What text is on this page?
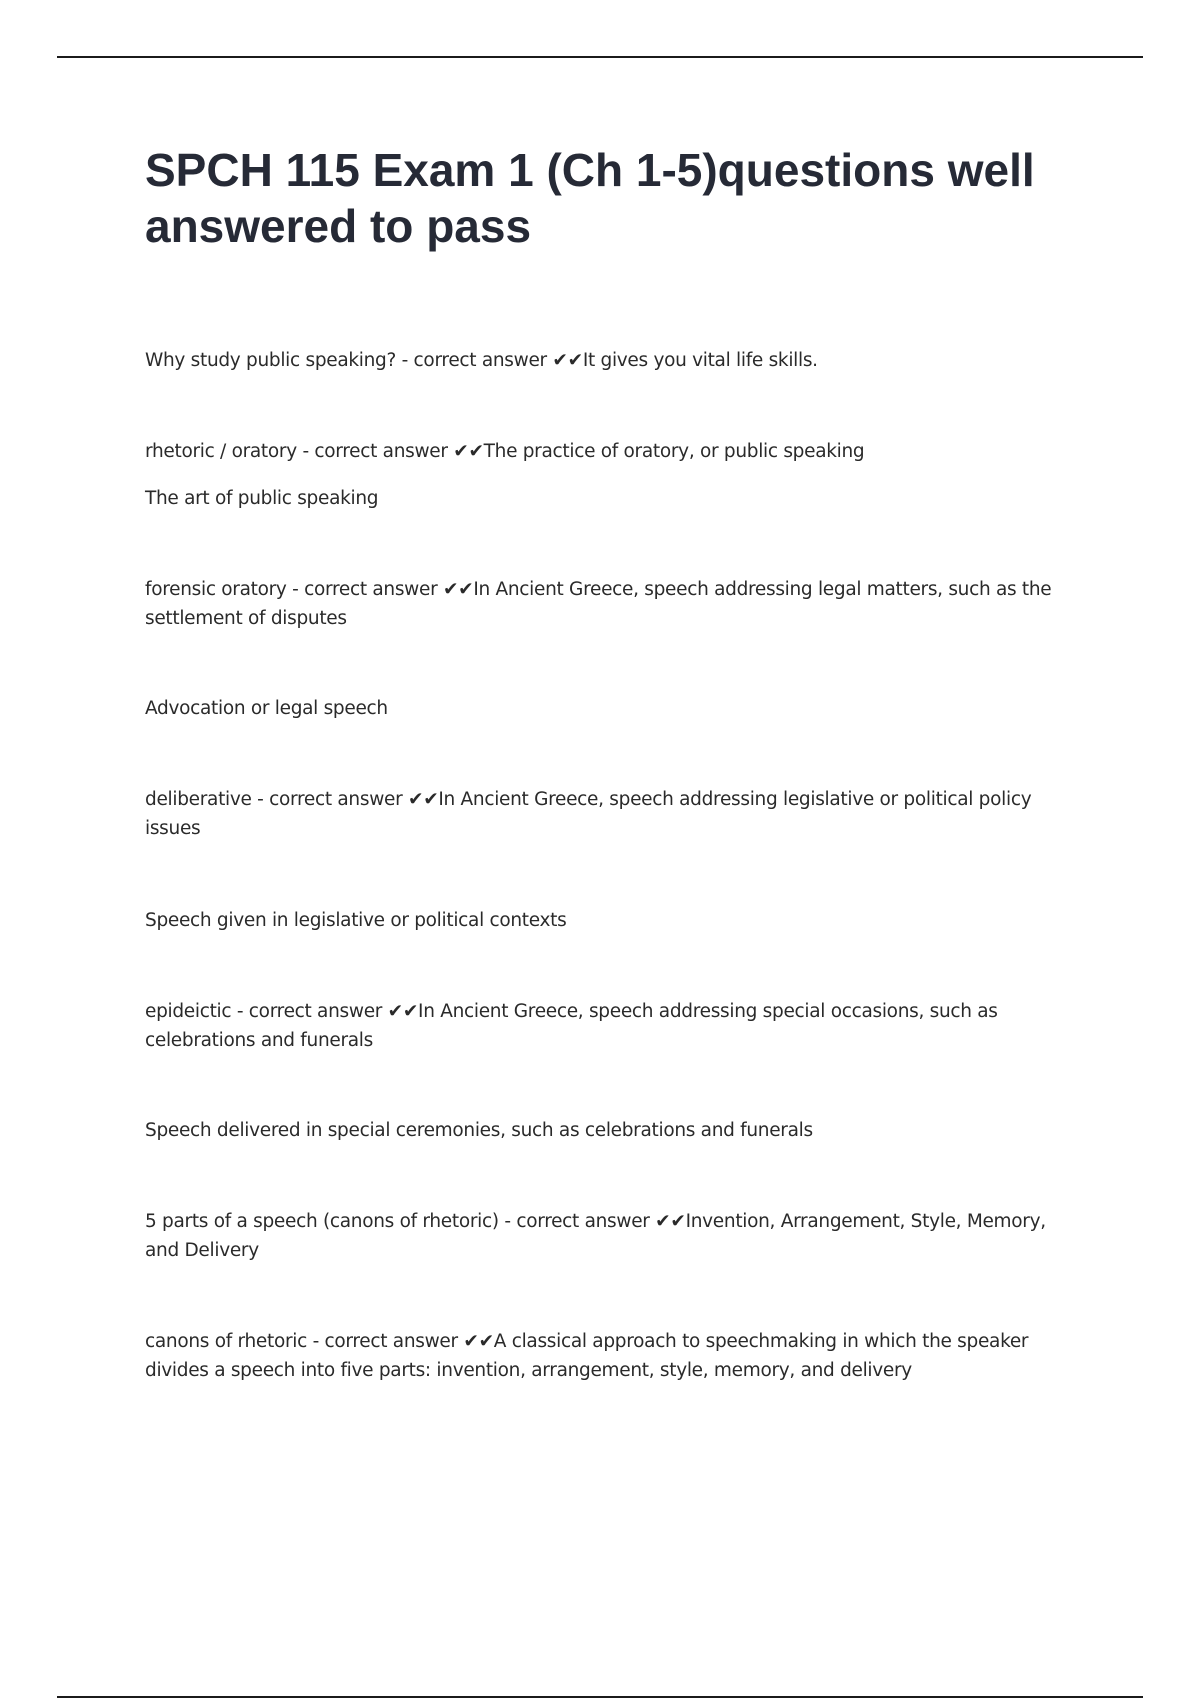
SPCH 115 Exam 1 (Ch 1-5)questions well answered to pass

Why study public speaking? - correct answer ✔✔It gives you vital life skills.

rhetoric / oratory - correct answer ✔✔The practice of oratory, or public speaking

The art of public speaking

forensic oratory - correct answer ✔✔In Ancient Greece, speech addressing legal matters, such as the settlement of disputes

Advocation or legal speech

deliberative - correct answer ✔✔In Ancient Greece, speech addressing legislative or political policy issues

Speech given in legislative or political contexts

epideictic - correct answer ✔✔In Ancient Greece, speech addressing special occasions, such as celebrations and funerals

Speech delivered in special ceremonies, such as celebrations and funerals

5 parts of a speech (canons of rhetoric) - correct answer ✔✔Invention, Arrangement, Style, Memory, and Delivery

canons of rhetoric - correct answer ✔✔A classical approach to speechmaking in which the speaker divides a speech into five parts: invention, arrangement, style, memory, and delivery
